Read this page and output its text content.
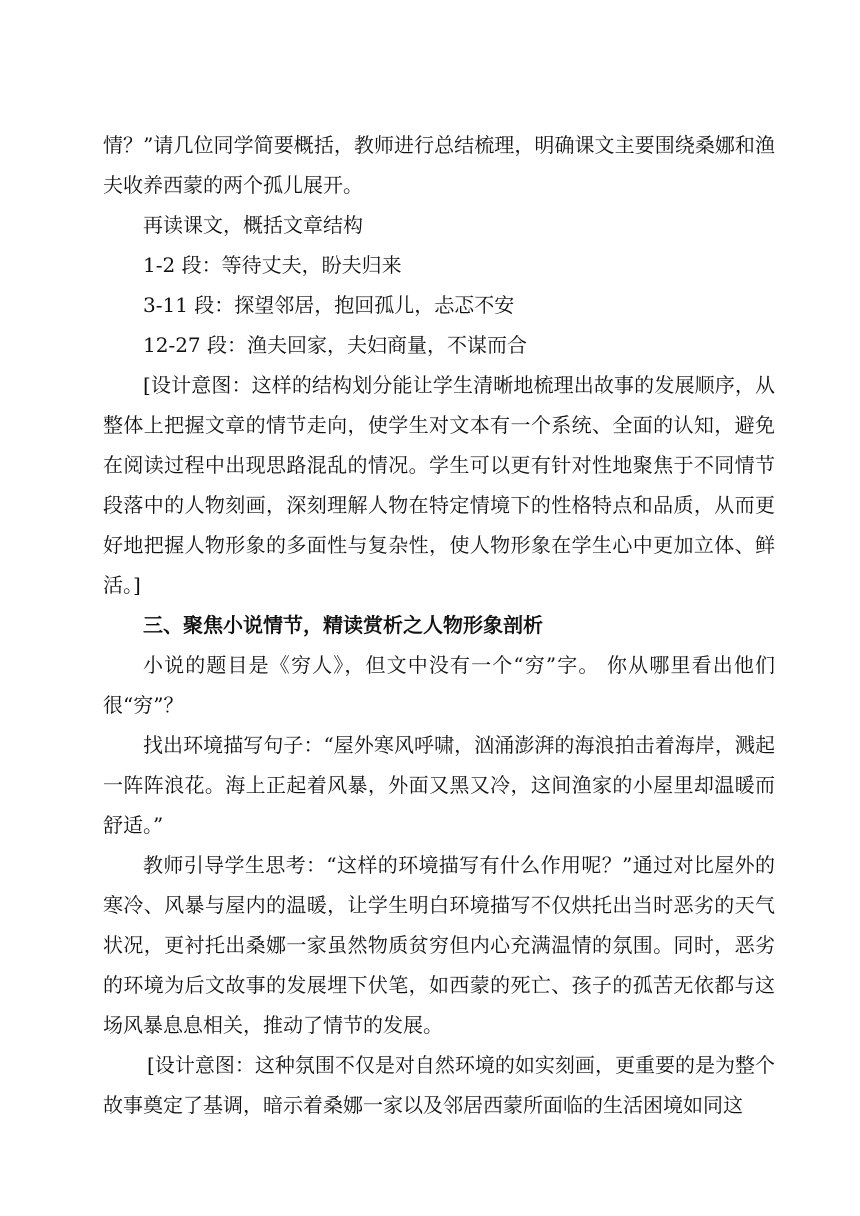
情？”请几位同学简要概括，教师进行总结梳理，明确课文主要围绕桑娜和渔夫收养西蒙的两个孤儿展开。

再读课文，概括文章结构

1-2 段：等待丈夫，盼夫归来

3-11 段：探望邻居，抱回孤儿，忐忑不安

12-27 段：渔夫回家，夫妇商量，不谋而合

[设计意图：这样的结构划分能让学生清晰地梳理出故事的发展顺序，从整体上把握文章的情节走向，使学生对文本有一个系统、全面的认知，避免在阅读过程中出现思路混乱的情况。学生可以更有针对性地聚焦于不同情节段落中的人物刻画，深刻理解人物在特定情境下的性格特点和品质，从而更好地把握人物形象的多面性与复杂性，使人物形象在学生心中更加立体、鲜活。]

三、聚焦小说情节，精读赏析之人物形象剖析

小说的题目是《穷人》，但文中没有一个“穷”字。 你从哪里看出他们很“穷”？

找出环境描写句子：“屋外寒风呼啸，汹涌澎湃的海浪拍击着海岸，溅起一阵阵浪花。海上正起着风暴，外面又黑又冷，这间渔家的小屋里却温暖而舒适。”

教师引导学生思考：“这样的环境描写有什么作用呢？”通过对比屋外的寒冷、风暴与屋内的温暖，让学生明白环境描写不仅烘托出当时恶劣的天气状况，更衬托出桑娜一家虽然物质贫穷但内心充满温情的氛围。同时，恶劣的环境为后文故事的发展埋下伏笔，如西蒙的死亡、孩子的孤苦无依都与这场风暴息息相关，推动了情节的发展。

[设计意图：这种氛围不仅是对自然环境的如实刻画，更重要的是为整个故事奠定了基调，暗示着桑娜一家以及邻居西蒙所面临的生活困境如同这
